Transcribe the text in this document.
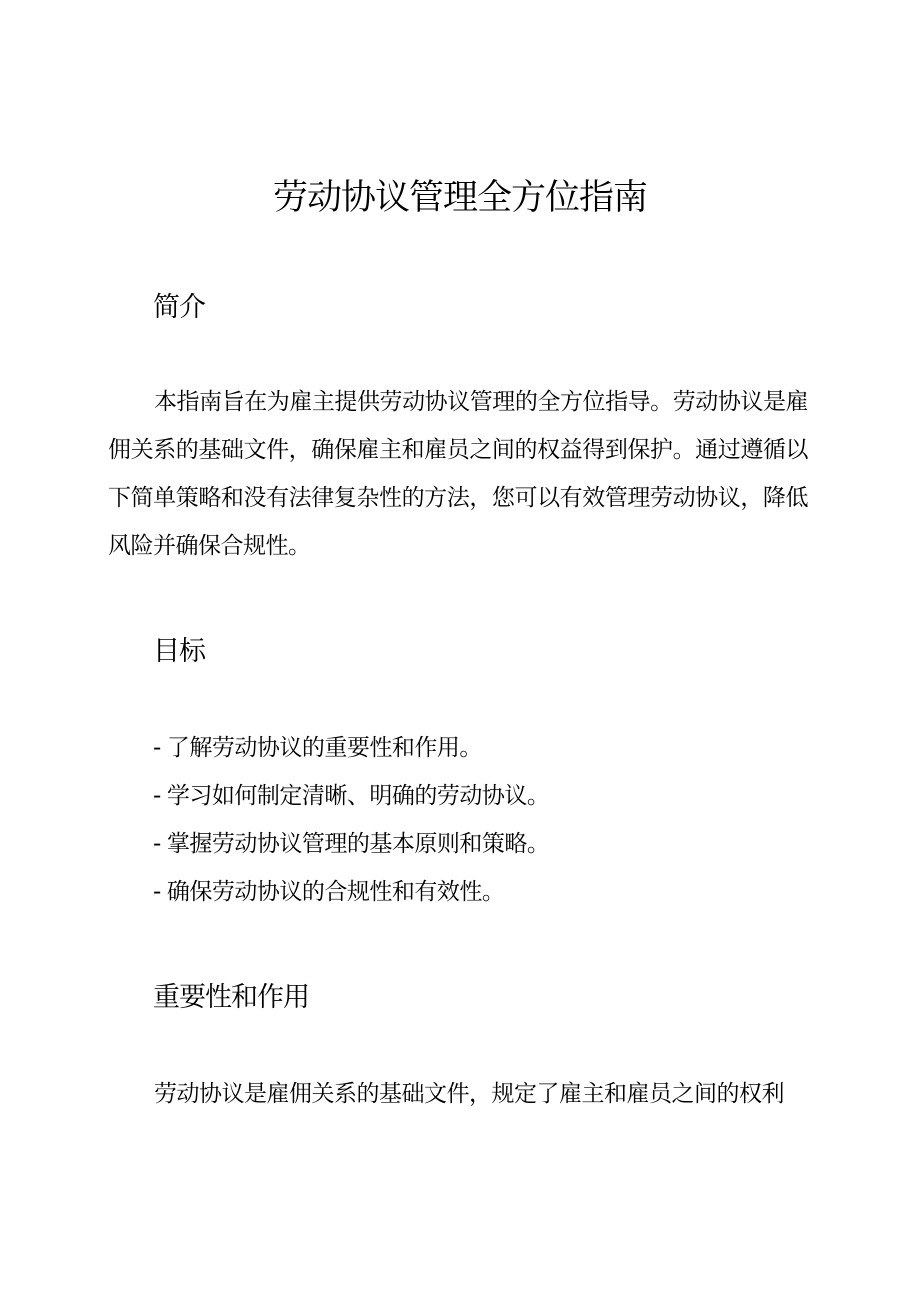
劳动协议管理全方位指南
简介

本指南旨在为雇主提供劳动协议管理的全方位指导。劳动协议是雇佣关系的基础文件，确保雇主和雇员之间的权益得到保护。通过遵循以下简单策略和没有法律复杂性的方法，您可以有效管理劳动协议，降低风险并确保合规性。

目标
- 了解劳动协议的重要性和作用。
- 学习如何制定清晰、明确的劳动协议。
- 掌握劳动协议管理的基本原则和策略。
- 确保劳动协议的合规性和有效性。
重要性和作用

劳动协议是雇佣关系的基础文件，规定了雇主和雇员之间的权利
